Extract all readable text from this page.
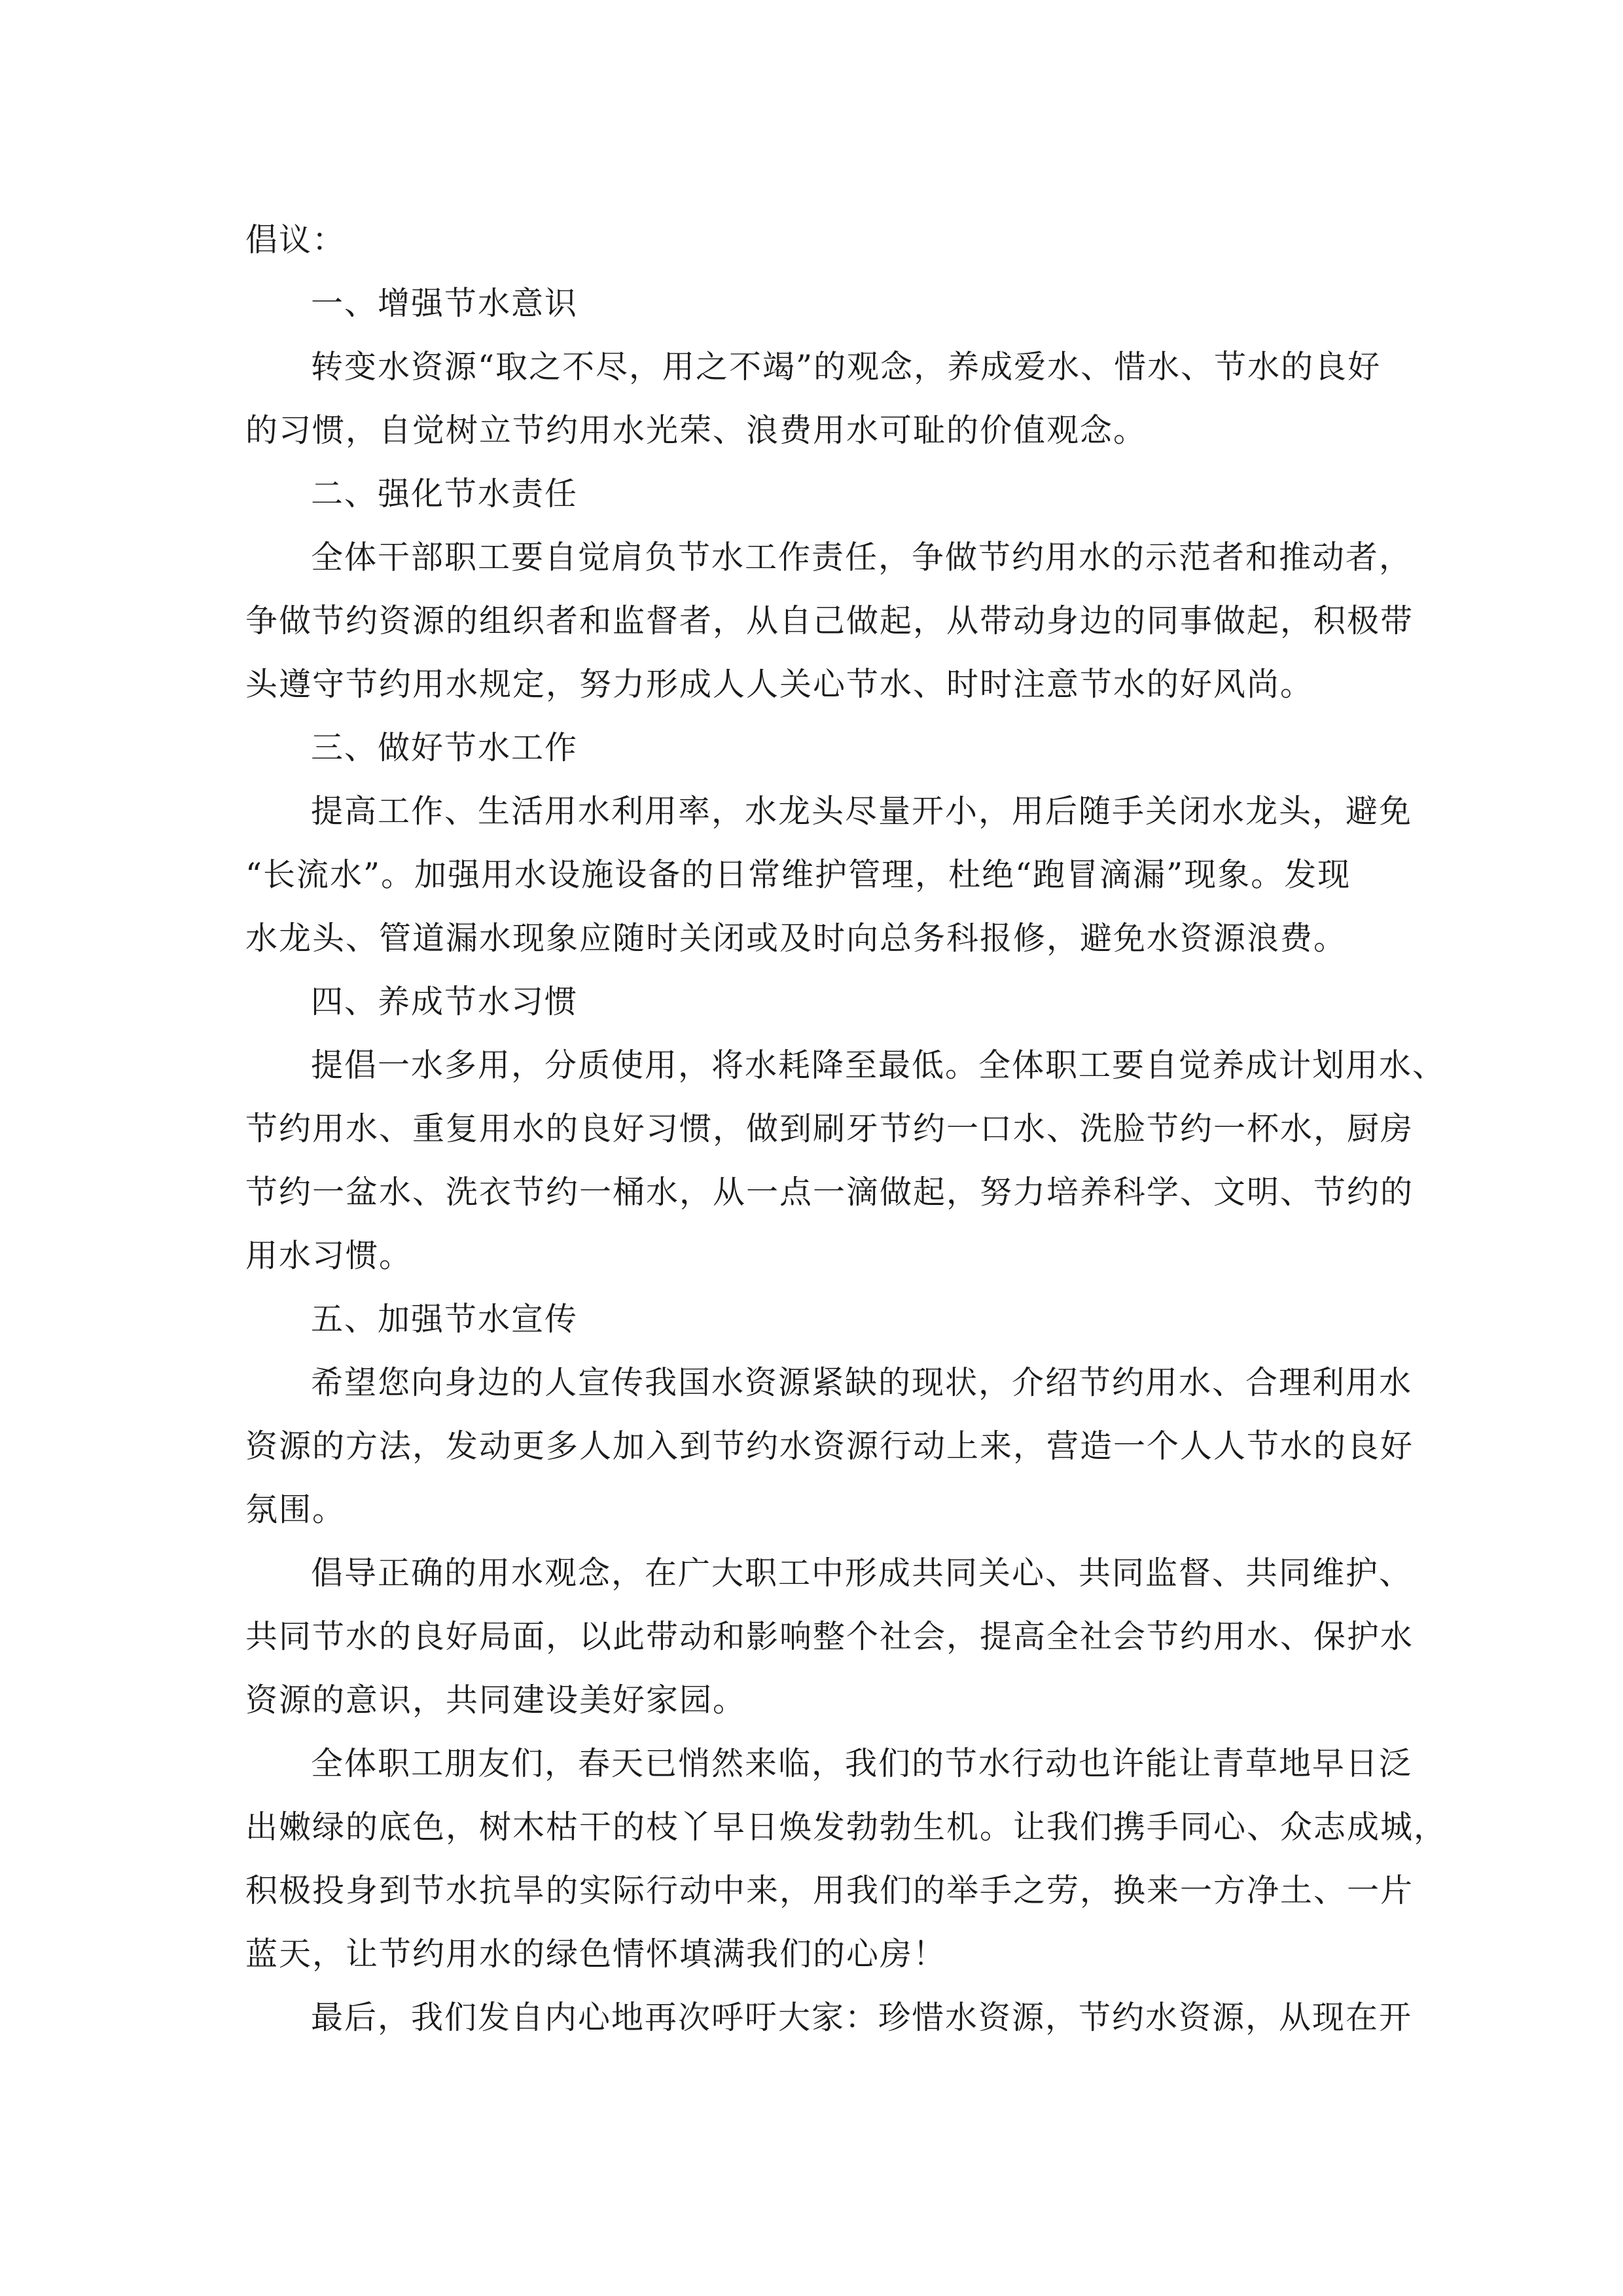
倡议：
一、增强节水意识
转变水资源“取之不尽，用之不竭”的观念，养成爱水、惜水、节水的良好
的习惯，自觉树立节约用水光荣、浪费用水可耻的价值观念。
二、强化节水责任
全体干部职工要自觉肩负节水工作责任，争做节约用水的示范者和推动者，
争做节约资源的组织者和监督者，从自己做起，从带动身边的同事做起，积极带
头遵守节约用水规定，努力形成人人关心节水、时时注意节水的好风尚。
三、做好节水工作
提高工作、生活用水利用率，水龙头尽量开小，用后随手关闭水龙头，避免
“长流水”。加强用水设施设备的日常维护管理，杜绝“跑冒滴漏”现象。发现
水龙头、管道漏水现象应随时关闭或及时向总务科报修，避免水资源浪费。
四、养成节水习惯
提倡一水多用，分质使用，将水耗降至最低。全体职工要自觉养成计划用水、
节约用水、重复用水的良好习惯，做到刷牙节约一口水、洗脸节约一杯水，厨房
节约一盆水、洗衣节约一桶水，从一点一滴做起，努力培养科学、文明、节约的
用水习惯。
五、加强节水宣传
希望您向身边的人宣传我国水资源紧缺的现状，介绍节约用水、合理利用水
资源的方法，发动更多人加入到节约水资源行动上来，营造一个人人节水的良好
氛围。
倡导正确的用水观念，在广大职工中形成共同关心、共同监督、共同维护、
共同节水的良好局面，以此带动和影响整个社会，提高全社会节约用水、保护水
资源的意识，共同建设美好家园。
全体职工朋友们，春天已悄然来临，我们的节水行动也许能让青草地早日泛
出嫩绿的底色，树木枯干的枝丫早日焕发勃勃生机。让我们携手同心、众志成城，
积极投身到节水抗旱的实际行动中来，用我们的举手之劳，换来一方净土、一片
蓝天，让节约用水的绿色情怀填满我们的心房！
最后，我们发自内心地再次呼吁大家：珍惜水资源，节约水资源，从现在开
